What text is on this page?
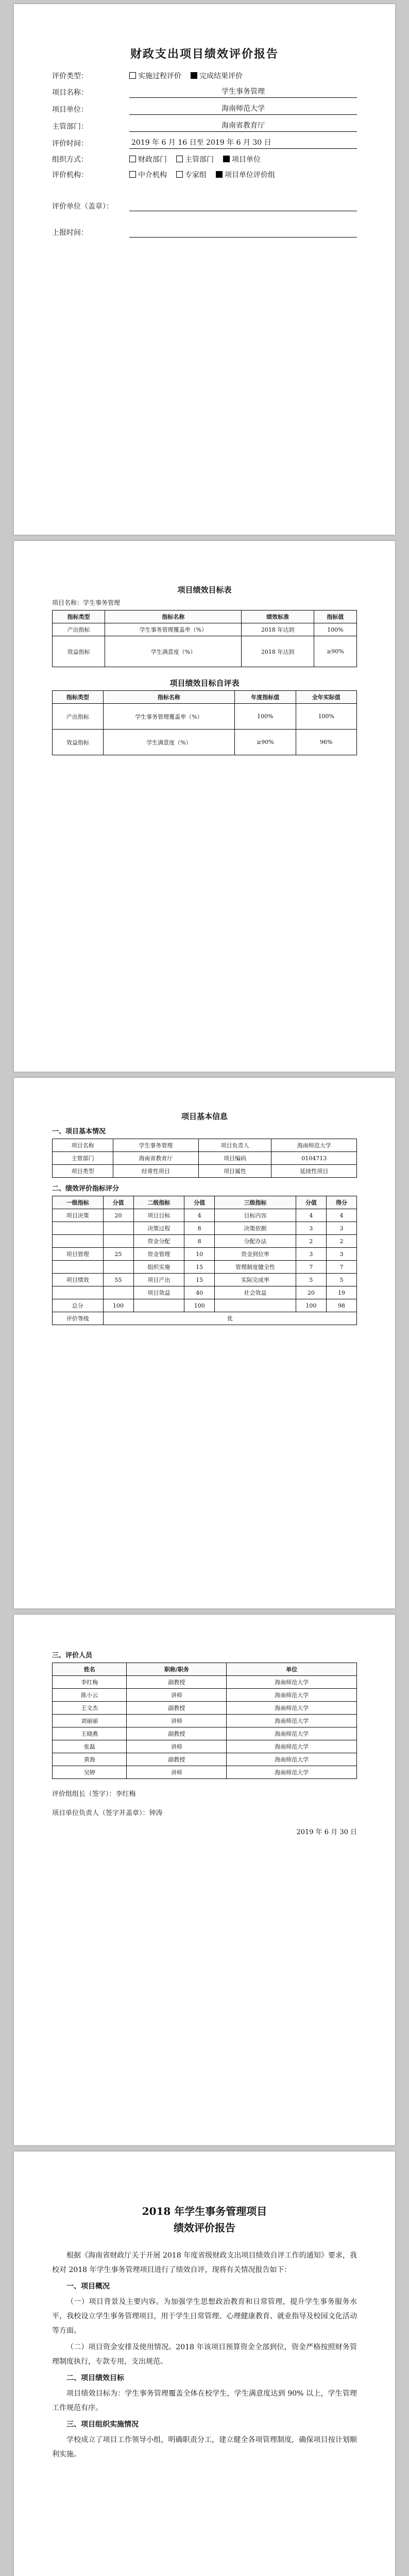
财政支出项目绩效评价报告
评价类型：	实施过程评价	完成结果评价
项目名称：	学生事务管理
项目单位：	海南师范大学
主管部门：	海南省教育厅
评价时间：	2019 年 6 月 16 日至 2019 年 6 月 30 日
组织方式：	财政部门	主管部门	项目单位
评价机构：	中介机构	专家组	项目单位评价组
评价单位（盖章）：
上报时间：
项目绩效目标表
项目名称：学生事务管理
指标类型	指标名称	绩效标准	指标值
产出指标	学生事务管理覆盖率（%）	2018 年达到	100%
效益指标	学生满意度（%）	2018 年达到	≥90%
项目绩效目标自评表
指标类型	指标名称	年度指标值	全年实际值
产出指标	学生事务管理覆盖率（%）	100%	100%
效益指标	学生满意度（%）	≥90%	96%
项目基本信息
一、项目基本情况
项目名称	学生事务管理	项目负责人	海南师范大学
主管部门	海南省教育厅	项目编码	0104713
项目类型	经常性项目	项目属性	延续性项目
二、绩效评价指标评分
一级指标	分值	二级指标	分值	三级指标	分值	得分
项目决策	20	项目目标	4	目标内容	4	4
		决策过程	8	决策依据	3	3
		资金分配	8	分配办法	2	2
项目管理	25	资金管理	10	资金到位率	3	3
		组织实施	15	管理制度健全性	7	7
项目绩效	55	项目产出	15	实际完成率	5	5
		项目效益	40	社会效益	20	19
总分	100		100		100	98
评价等级	优					
三、评价人员
姓名	职称/职务	单位
李红梅	副教授	海南师范大学
陈小云	讲师	海南师范大学
王文杰	副教授	海南师范大学
刘丽丽	讲师	海南师范大学
王晓燕	副教授	海南师范大学
张磊	讲师	海南师范大学
黄海	副教授	海南师范大学
吴婷	讲师	海南师范大学
评价组组长（签字）：李红梅
项目单位负责人（签字并盖章）：钟涛
2019 年 6 月 30 日
2018 年学生事务管理项目
绩效评价报告

根据《海南省财政厅关于开展 2018 年度省级财政支出项目绩效自评工作的通知》要求，我校对 2018 年学生事务管理项目进行了绩效自评，现将有关情况报告如下：

一、项目概况

（一）项目背景及主要内容。为加强学生思想政治教育和日常管理，提升学生事务服务水平，我校设立学生事务管理项目，用于学生日常管理、心理健康教育、就业指导及校园文化活动等方面。

（二）项目资金安排及使用情况。2018 年该项目预算资金全部到位，资金严格按照财务管理制度执行，专款专用，支出规范。

二、项目绩效目标

项目绩效目标为：学生事务管理覆盖全体在校学生，学生满意度达到 90% 以上，学生管理工作规范有序。

三、项目组织实施情况

学校成立了项目工作领导小组，明确职责分工，建立健全各项管理制度，确保项目按计划顺利实施。
